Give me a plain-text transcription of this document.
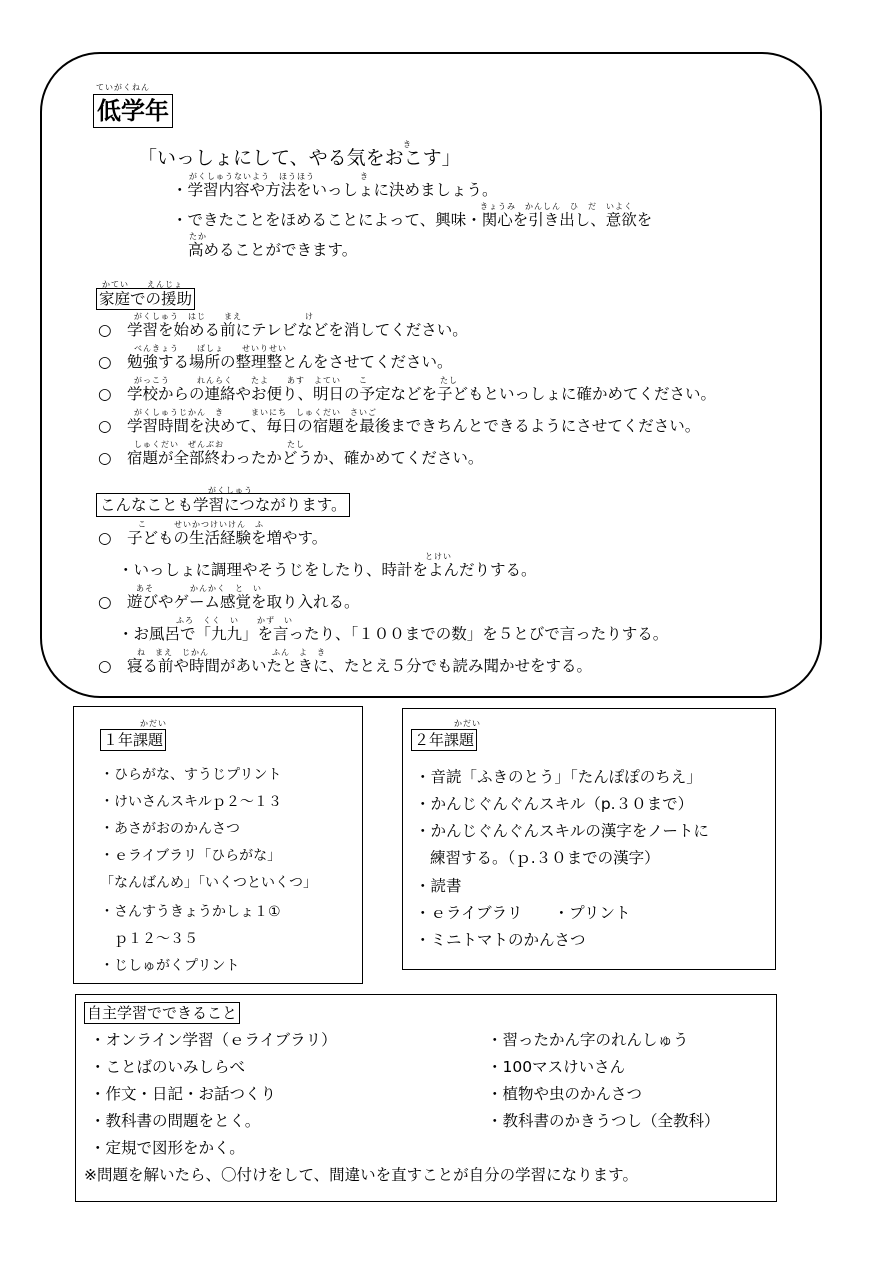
ていがくねん
低学年
き
「いっしょにして、やる気をおこす」
がくしゅうないよう　ほうほう　　　　　き
・学習内容や方法をいっしょに決めましょう。
きょうみ　かんしん　ひ　だ　いよく
・できたことをほめることによって、興味・関心を引き出し、意欲を
たか
高めることができます。
かてい　　えんじょ
家庭での援助
がくしゅう　はじ　　まえ　　　　　　　け
○　学習を始める前にテレビなどを消してください。
べんきょう　　ばしょ　　せいりせい
○　勉強する場所の整理整とんをさせてください。
がっこう　　　れんらく　　たよ　　あす　よてい　　こ　　　　　　　　たし
○　学校からの連絡やお便り、明日の予定などを子どもといっしょに確かめてください。
がくしゅうじかん　き　　　まいにち　しゅくだい　さいご
○　学習時間を決めて、毎日の宿題を最後まできちんとできるようにさせてください。
しゅくだい　ぜんぶお　　　　　　　たし
○　宿題が全部終わったかどうか、確かめてください。
がくしゅう
こんなことも学習につながります。
こ　　　せいかつけいけん　ふ
○　子どもの生活経験を増やす。
とけい
・いっしょに調理やそうじをしたり、時計をよんだりする。
あそ　　　　かんかく　と　い
○　遊びやゲーム感覚を取り入れる。
ふろ　くく　い　　かず　い
・お風呂で「九九」を言ったり、「１００までの数」を５とびで言ったりする。
ね　まえ　じかん　　　　　　　ふん　よ　き
○　寝る前や時間があいたときに、たとえ５分でも読み聞かせをする。
かだい
１年課題
・ひらがな、すうじプリント
・けいさんスキルｐ２〜１３
・あさがおのかんさつ
・ｅライブラリ「ひらがな」
「なんばんめ」「いくつといくつ」
・さんすうきょうかしょ１①
ｐ１２〜３５
・じしゅがくプリント
かだい
２年課題
・音読「ふきのとう」「たんぽぽのちえ」
・かんじぐんぐんスキル（p.３０まで）
・かんじぐんぐんスキルの漢字をノートに
練習する。（ｐ.３０までの漢字）
・読書
・ｅライブラリ　　・プリント
・ミニトマトのかんさつ
自主学習でできること
・オンライン学習（ｅライブラリ）
・ことばのいみしらべ
・作文・日記・お話つくり
・教科書の問題をとく。
・定規で図形をかく。
・習ったかん字のれんしゅう
・100マスけいさん
・植物や虫のかんさつ
・教科書のかきうつし（全教科）
※問題を解いたら、〇付けをして、間違いを直すことが自分の学習になります。
